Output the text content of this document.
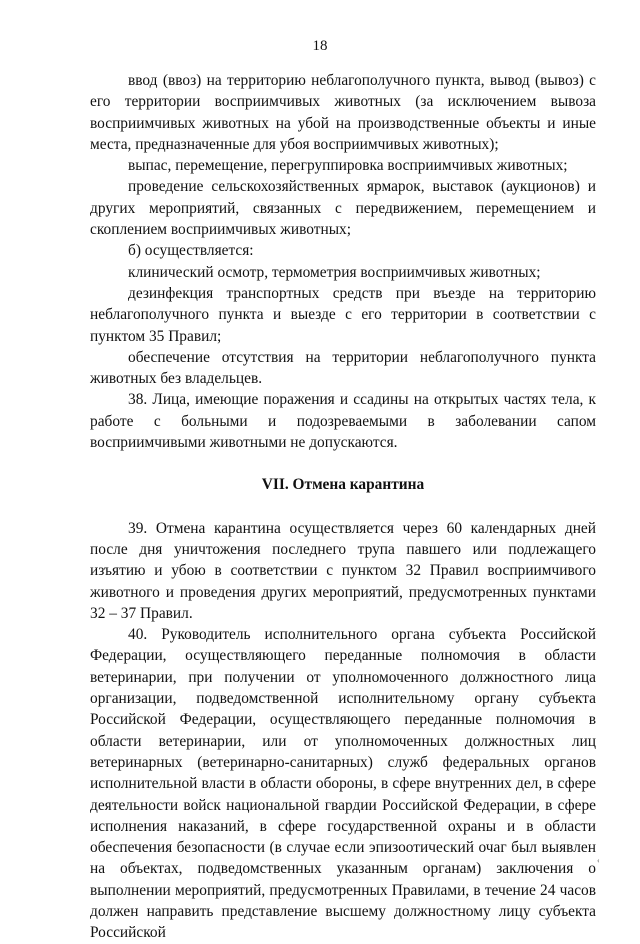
18

ввод (ввоз) на территорию неблагополучного пункта, вывод (вывоз) с его территории восприимчивых животных (за исключением вывоза восприимчивых животных на убой на производственные объекты и иные места, предназначенные для убоя восприимчивых животных);

выпас, перемещение, перегруппировка восприимчивых животных;

проведение сельскохозяйственных ярмарок, выставок (аукционов) и других мероприятий, связанных с передвижением, перемещением и скоплением восприимчивых животных;

б) осуществляется:

клинический осмотр, термометрия восприимчивых животных;

дезинфекция транспортных средств при въезде на территорию неблагополучного пункта и выезде с его территории в соответствии с пунктом 35 Правил;

обеспечение отсутствия на территории неблагополучного пункта животных без владельцев.

38. Лица, имеющие поражения и ссадины на открытых частях тела, к работе с больными и подозреваемыми в заболевании сапом восприимчивыми животными не допускаются.

VII. Отмена карантина

39. Отмена карантина осуществляется через 60 календарных дней после дня уничтожения последнего трупа павшего или подлежащего изъятию и убою в соответствии с пунктом 32 Правил восприимчивого животного и проведения других мероприятий, предусмотренных пунктами 32 – 37 Правил.

40. Руководитель исполнительного органа субъекта Российской Федерации, осуществляющего переданные полномочия в области ветеринарии, при получении от уполномоченного должностного лица организации, подведомственной исполнительному органу субъекта Российской Федерации, осуществляющего переданные полномочия в области ветеринарии, или от уполномоченных должностных лиц ветеринарных (ветеринарно-санитарных) служб федеральных органов исполнительной власти в области обороны, в сфере внутренних дел, в сфере деятельности войск национальной гвардии Российской Федерации, в сфере исполнения наказаний, в сфере государственной охраны и в области обеспечения безопасности (в случае если эпизоотический очаг был выявлен на объектах, подведомственных указанным органам) заключения о выполнении мероприятий, предусмотренных Правилами, в течение 24 часов должен направить представление высшему должностному лицу субъекта Российской

‹
